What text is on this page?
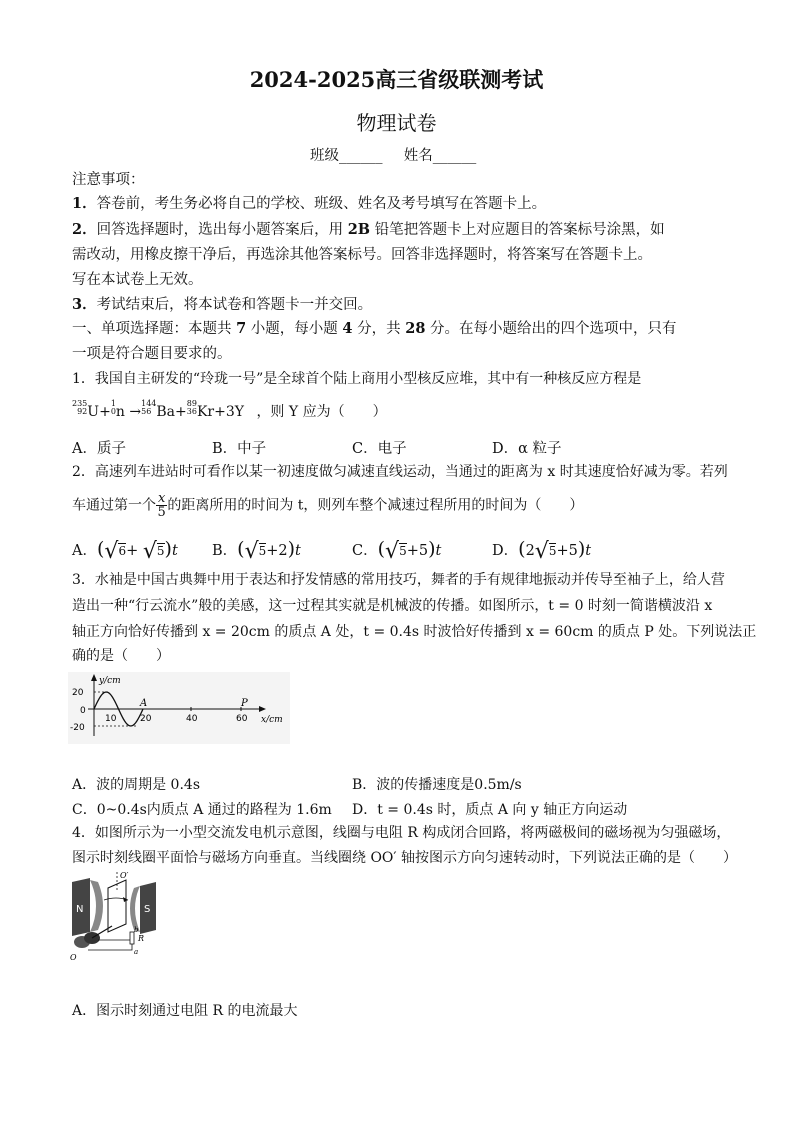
2024-2025高三省级联测考试
物理试卷
班级______ 姓名______
注意事项：
1．答卷前，考生务必将自己的学校、班级、姓名及考号填写在答题卡上。
2．回答选择题时，选出每小题答案后，用 2B 铅笔把答题卡上对应题目的答案标号涂黑，如
需改动，用橡皮擦干净后，再选涂其他答案标号。回答非选择题时，将答案写在答题卡上。
写在本试卷上无效。
3．考试结束后，将本试卷和答题卡一并交回。
一、单项选择题：本题共 7 小题，每小题 4 分，共 28 分。在每小题给出的四个选项中，只有
一项是符合题目要求的。
1．我国自主研发的“玲珑一号”是全球首个陆上商用小型核反应堆，其中有一种核反应方程是
235
92U+1
0n →144
56 Ba+89
36Kr+3Y ，则 Y 应为（　　）
A．质子	B．中子	C．电子	D．α 粒子
2．高速列车进站时可看作以某一初速度做匀减速直线运动，当通过的距离为 x 时其速度恰好减为零。若列
车通过第一个 $\frac{x}{5}$ 的距离所用的时间为 t，则列车整个减速过程所用的时间为（　　）
A．(√6+ √5)t B．(√5+2)t	C．(√5+5)t	D．(2√5+5)t
3．水袖是中国古典舞中用于表达和抒发情感的常用技巧，舞者的手有规律地振动并传导至袖子上，给人营
造出一种“行云流水”般的美感，这一过程其实就是机械波的传播。如图所示，t = 0 时刻一简谐横波沿 x
轴正方向恰好传播到 x = 20cm 的质点 A 处，t = 0.4s 时波恰好传播到 x = 60cm 的质点 P 处。下列说法正
确的是（　　）
y/cm
x/cm
20
0
-20
10	20	40	60
A	P
A．波的周期是 0.4s	B．波的传播速度是0.5m/s
C．0~0.4s内质点 A 通过的路程为 1.6m D．t = 0.4s 时，质点 A 向 y 轴正方向运动
4．如图所示为一小型交流发电机示意图，线圈与电阻 R 构成闭合回路，将两磁极间的磁场视为匀强磁场，
图示时刻线圈平面恰与磁场方向垂直。当线圈绕 OO′ 轴按图示方向匀速转动时，下列说法正确的是（　　）
N	S
O′
R
b
a
O
A．图示时刻通过电阻 R 的电流最大
